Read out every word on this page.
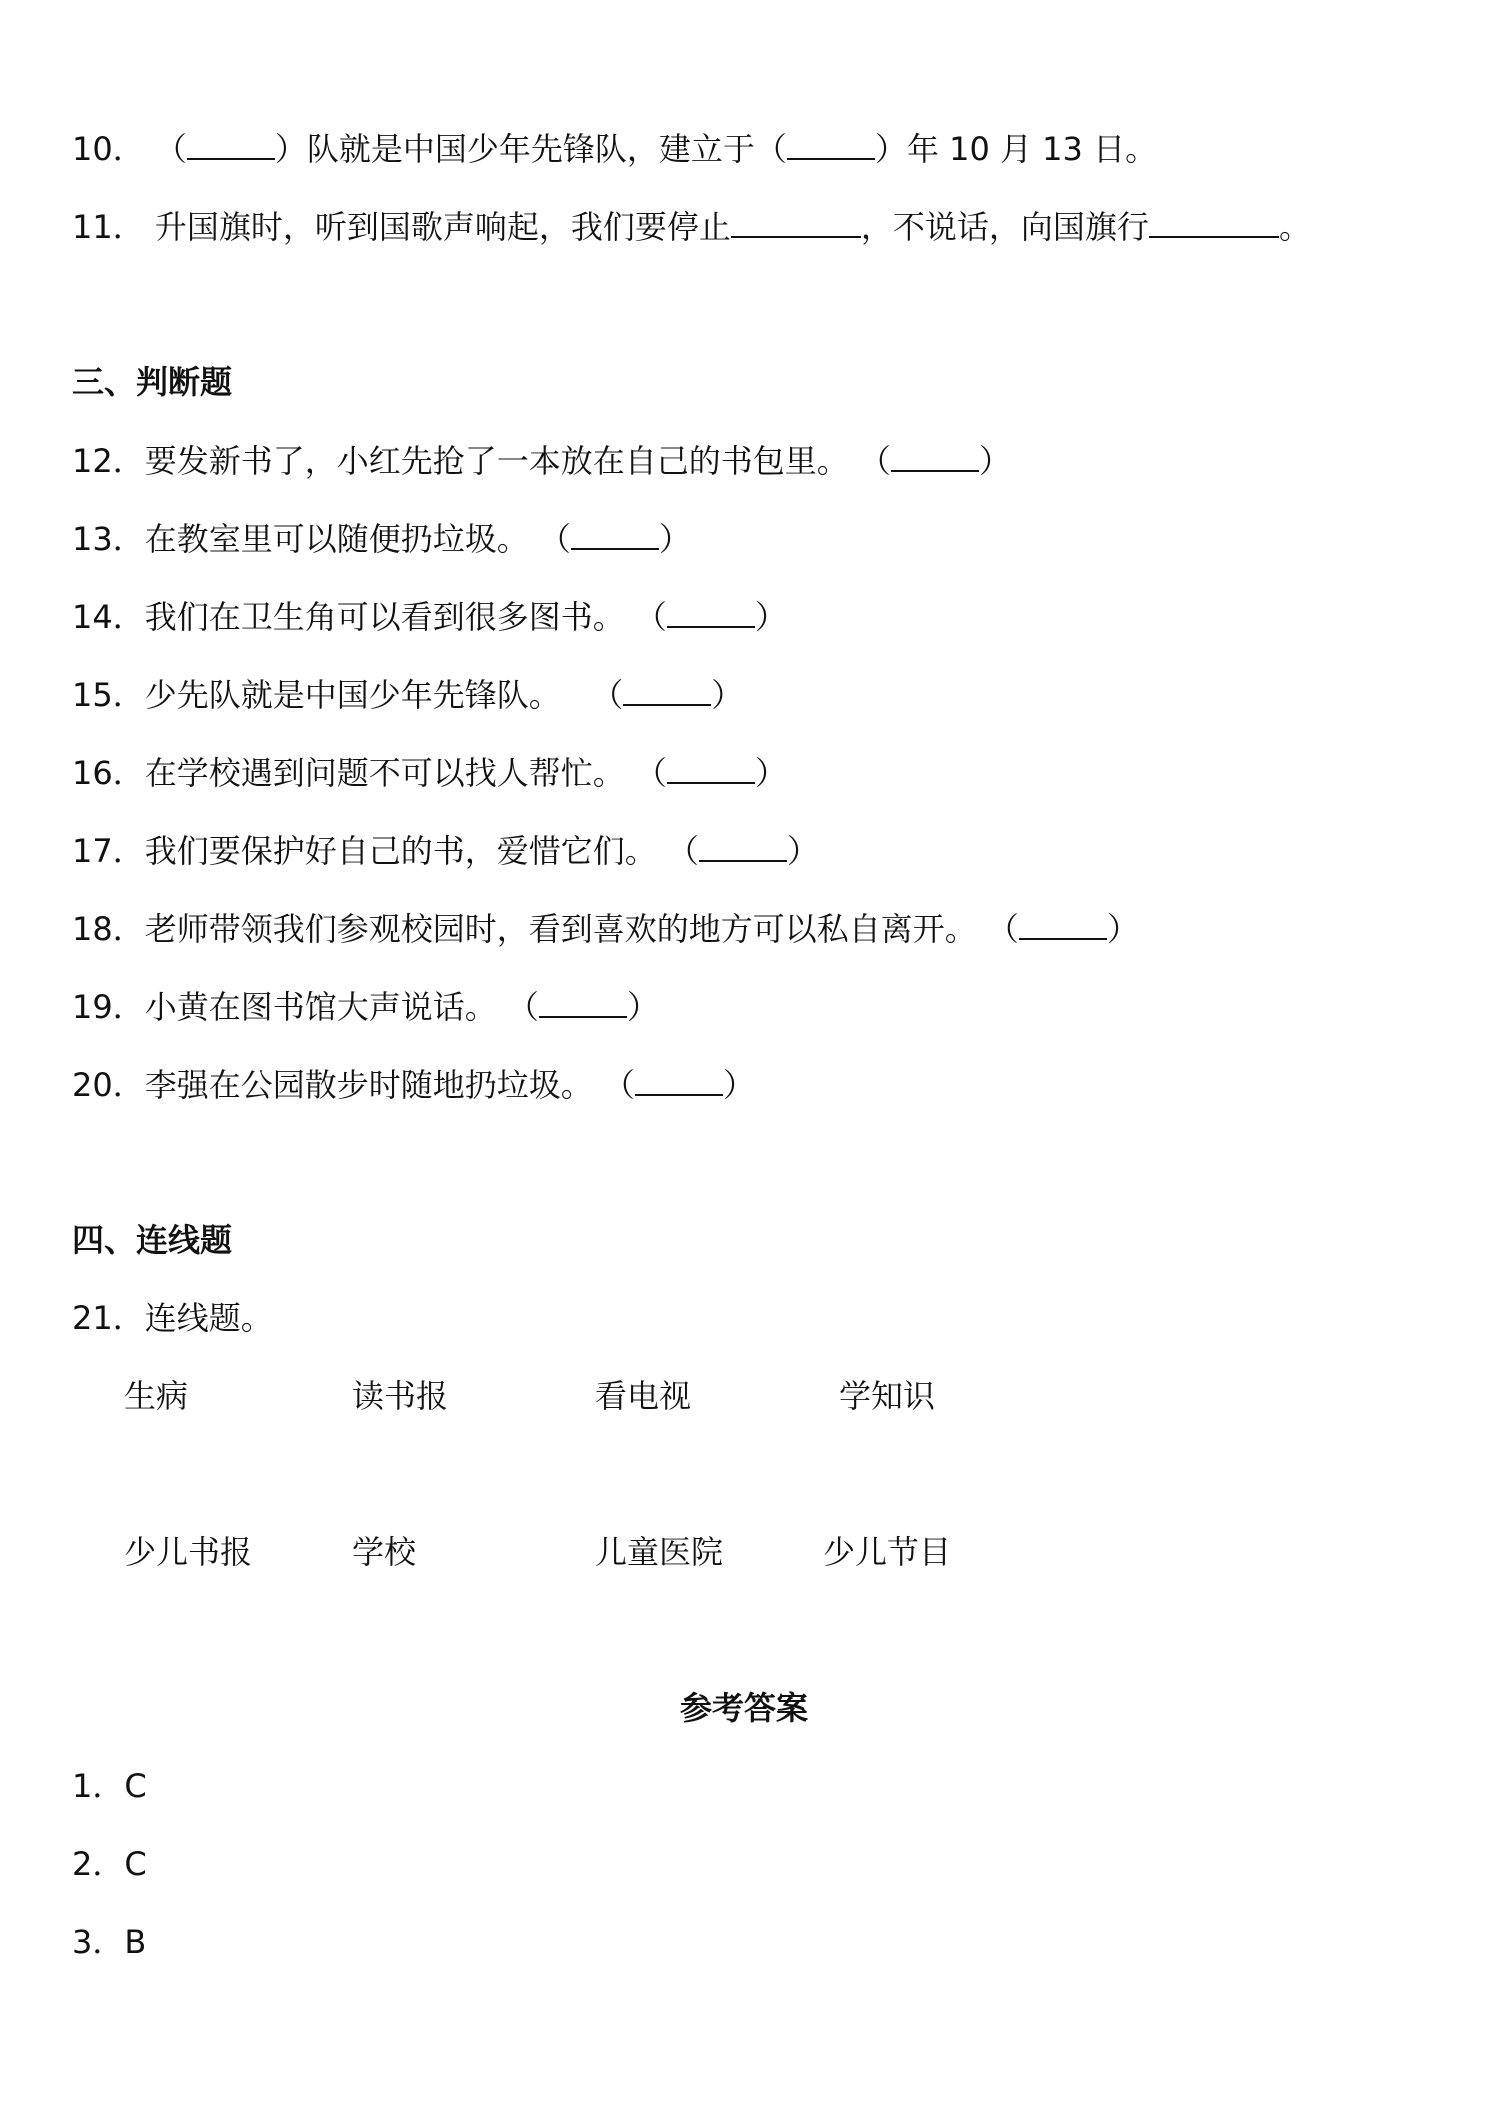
10． （	）队就是中国少年先锋队，建立于（	）年 10 月 13 日。
11． 升国旗时，听到国歌声响起，我们要停止	，不说话，向国旗行	。
三、判断题
12．要发新书了，小红先抢了一本放在自己的书包里。 （	）
13．在教室里可以随便扔垃圾。 （	）
14．我们在卫生角可以看到很多图书。 （	）
15．少先队就是中国少年先锋队。   （	）
16．在学校遇到问题不可以找人帮忙。 （	）
17．我们要保护好自己的书，爱惜它们。 （	）
18．老师带领我们参观校园时，看到喜欢的地方可以私自离开。 （	）
19．小黄在图书馆大声说话。 （	）
20．李强在公园散步时随地扔垃圾。 （	）
四、连线题
21．连线题。
生病	读书报	看电视	学知识
少儿书报	学校	儿童医院	少儿节目
参考答案
1．C
2．C
3．B
